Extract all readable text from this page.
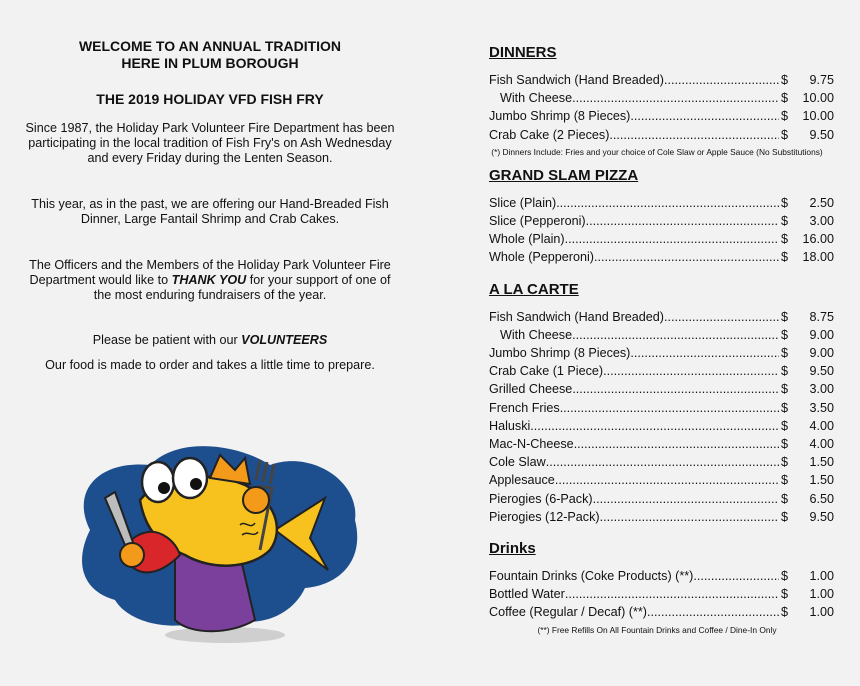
WELCOME TO AN ANNUAL TRADITION
HERE IN PLUM BOROUGH
THE 2019 HOLIDAY VFD FISH FRY

Since 1987, the Holiday Park Volunteer Fire Department has been participating in the local tradition of Fish Fry's on Ash Wednesday and every Friday during the Lenten Season.

This year, as in the past, we are offering our Hand-Breaded Fish Dinner, Large Fantail Shrimp and Crab Cakes.

The Officers and the Members of the Holiday Park Volunteer Fire Department would like to THANK YOU for your support of one of the most enduring fundraisers of the year.

Please be patient with our VOLUNTEERS

Our food is made to order and takes a little time to prepare.

DINNERS
Fish Sandwich (Hand Breaded) .....	$	9.75
With Cheese .....	$	10.00
Jumbo Shrimp (8 Pieces) .....	$	10.00
Crab Cake (2 Pieces) .....	$	9.50
(*) Dinners Include: Fries and your choice of Cole Slaw or Apple Sauce (No Substitutions)
GRAND SLAM PIZZA
Slice (Plain) .....	$	2.50
Slice (Pepperoni) .....	$	3.00
Whole (Plain) .....	$	16.00
Whole (Pepperoni) .....	$	18.00
A LA CARTE
Fish Sandwich (Hand Breaded) .....	$	8.75
With Cheese .....	$	9.00
Jumbo Shrimp (8 Pieces) .....	$	9.00
Crab Cake (1 Piece) .....	$	9.50
Grilled Cheese .....	$	3.00
French Fries .....	$	3.50
Haluski .....	$	4.00
Mac-N-Cheese .....	$	4.00
Cole Slaw .....	$	1.50
Applesauce .....	$	1.50
Pierogies (6-Pack) .....	$	6.50
Pierogies (12-Pack) .....	$	9.50
Drinks
Fountain Drinks (Coke Products) (**) .....	$	1.00
Bottled Water .....	$	1.00
Coffee (Regular / Decaf) (**) .....	$	1.00
(**) Free Refills On All Fountain Drinks and Coffee / Dine-In Only
